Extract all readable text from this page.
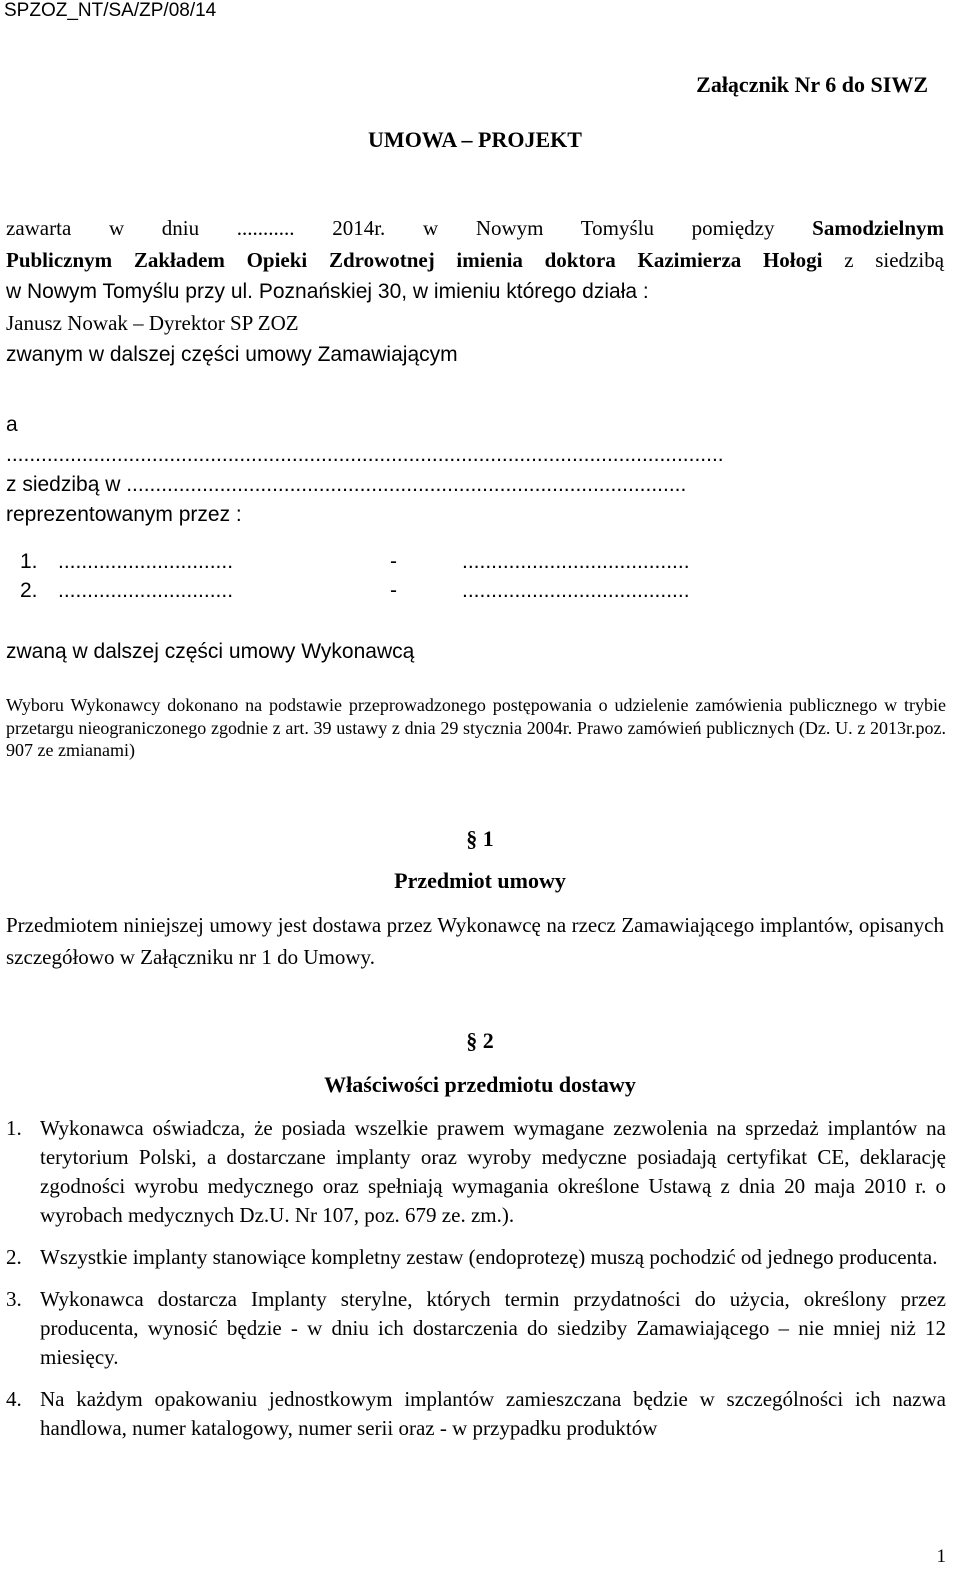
SPZOZ_NT/SA/ZP/08/14
Załącznik Nr 6 do SIWZ
UMOWA – PROJEKT
zawarta w dniu ........... 2014r. w Nowym Tomyślu pomiędzy Samodzielnym
Publicznym Zakładem Opieki Zdrowotnej imienia doktora Kazimierza Hołogi z siedzibą
w Nowym Tomyślu przy ul. Poznańskiej 30, w imieniu którego działa :
Janusz Nowak – Dyrektor SP ZOZ
zwanym w dalszej części umowy Zamawiającym
a
...........................................................................................................................
z siedzibą w ................................................................................................
reprezentowanym przez :
1. ..............................	-	.......................................
2. ..............................	-	.......................................
zwaną w dalszej części umowy Wykonawcą
Wyboru Wykonawcy dokonano na podstawie przeprowadzonego postępowania o udzielenie zamówienia publicznego w trybie przetargu nieograniczonego zgodnie z art. 39 ustawy z dnia 29 stycznia 2004r. Prawo zamówień publicznych (Dz. U. z 2013r.poz. 907 ze zmianami)
§ 1
Przedmiot umowy
Przedmiotem niniejszej umowy jest dostawa przez Wykonawcę na rzecz Zamawiającego implantów, opisanych szczegółowo w Załączniku nr 1 do Umowy.
§ 2
Właściwości przedmiotu dostawy
1. Wykonawca oświadcza, że posiada wszelkie prawem wymagane zezwolenia na sprzedaż implantów na terytorium Polski, a dostarczane implanty oraz wyroby medyczne posiadają certyfikat CE, deklarację zgodności wyrobu medycznego oraz spełniają wymagania określone Ustawą z dnia 20 maja 2010 r. o wyrobach medycznych Dz.U. Nr 107, poz. 679 ze. zm.).
2. Wszystkie implanty stanowiące kompletny zestaw (endoprotezę) muszą pochodzić od jednego producenta.
3. Wykonawca dostarcza Implanty sterylne, których termin przydatności do użycia, określony przez producenta, wynosić będzie - w dniu ich dostarczenia do siedziby Zamawiającego – nie mniej niż 12 miesięcy.
4. Na każdym opakowaniu jednostkowym implantów zamieszczana będzie w szczególności ich nazwa handlowa, numer katalogowy, numer serii oraz - w przypadku produktów
1
